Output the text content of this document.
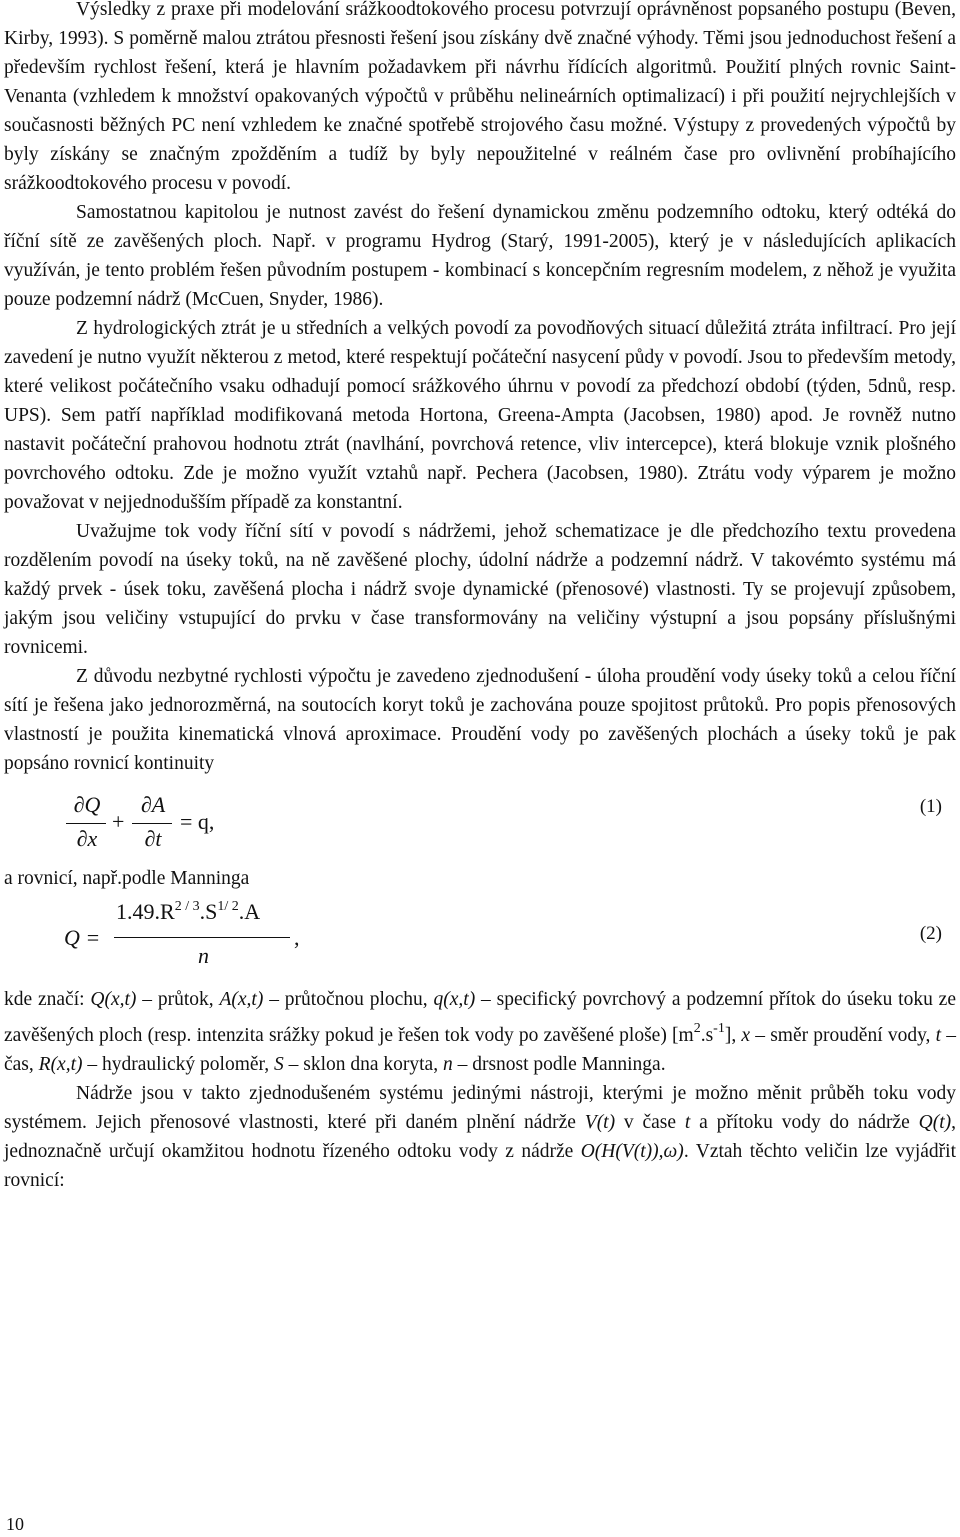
Výsledky z praxe při modelování srážkoodtokového procesu potvrzují oprávněnost popsaného postupu (Beven, Kirby, 1993). S poměrně malou ztrátou přesnosti řešení jsou získány dvě značné výhody. Těmi jsou jednoduchost řešení a především rychlost řešení, která je hlavním požadavkem při návrhu řídících algoritmů. Použití plných rovnic Saint-Venanta (vzhledem k množství opakovaných výpočtů v průběhu nelineárních optimalizací) i při použití nejrychlejších v současnosti běžných PC není vzhledem ke značné spotřebě strojového času možné. Výstupy z provedených výpočtů by byly získány se značným zpožděním a tudíž by byly nepoužitelné v reálném čase pro ovlivnění probíhajícího srážkoodtokového procesu v povodí.

Samostatnou kapitolou je nutnost zavést do řešení dynamickou změnu podzemního odtoku, který odtéká do říční sítě ze zavěšených ploch. Např. v programu Hydrog (Starý, 1991-2005), který je v následujících aplikacích využíván, je tento problém řešen původním postupem - kombinací s koncepčním regresním modelem, z něhož je využita pouze podzemní nádrž (McCuen, Snyder, 1986).

Z hydrologických ztrát je u středních a velkých povodí za povodňových situací důležitá ztráta infiltrací. Pro její zavedení je nutno využít některou z metod, které respektují počáteční nasycení půdy v povodí. Jsou to především metody, které velikost počátečního vsaku odhadují pomocí srážkového úhrnu v povodí za předchozí období (týden, 5dnů, resp. UPS). Sem patří například modifikovaná metoda Hortona, Greena-Ampta (Jacobsen, 1980) apod. Je rovněž nutno nastavit počáteční prahovou hodnotu ztrát (navlhání, povrchová retence, vliv intercepce), která blokuje vznik plošného povrchového odtoku. Zde je možno využít vztahů např. Pechera (Jacobsen, 1980). Ztrátu vody výparem je možno považovat v nejjednodušším případě za konstantní.

Uvažujme tok vody říční sítí v povodí s nádržemi, jehož schematizace je dle předchozího textu provedena rozdělením povodí na úseky toků, na ně zavěšené plochy, údolní nádrže a podzemní nádrž. V takovémto systému má každý prvek - úsek toku, zavěšená plocha i nádrž svoje dynamické (přenosové) vlastnosti. Ty se projevují způsobem, jakým jsou veličiny vstupující do prvku v čase transformovány na veličiny výstupní a jsou popsány příslušnými rovnicemi.

Z důvodu nezbytné rychlosti výpočtu je zavedeno zjednodušení - úloha proudění vody úseky toků a celou říční sítí je řešena jako jednorozměrná, na soutocích koryt toků je zachována pouze spojitost průtoků. Pro popis přenosových vlastností je použita kinematická vlnová aproximace. Proudění vody po zavěšených plochách a úseky toků je pak popsáno rovnicí kontinuity

∂Q
∂x
+
∂A
∂t
= q,
(1)

a rovnicí, např.podle Manninga

Q =
$1.49.R^{2 / 3}.S^{1/ 2}.A$
n
,	(2)

kde značí: Q(x,t) – průtok, A(x,t) – průtočnou plochu, q(x,t) – specifický povrchový a podzemní přítok do úseku toku ze zavěšených ploch (resp. intenzita srážky pokud je řešen tok vody po zavěšené ploše) $[m^2.s^{-1}]$, x – směr proudění vody, t – čas, R(x,t) – hydraulický poloměr, S – sklon dna koryta, n – drsnost podle Manninga.

Nádrže jsou v takto zjednodušeném systému jedinými nástroji, kterými je možno měnit průběh toku vody systémem. Jejich přenosové vlastnosti, které při daném plnění nádrže V(t) v čase t a přítoku vody do nádrže Q(t), jednoznačně určují okamžitou hodnotu řízeného odtoku vody z nádrže O(H(V(t)),ω). Vztah těchto veličin lze vyjádřit rovnicí:

10
